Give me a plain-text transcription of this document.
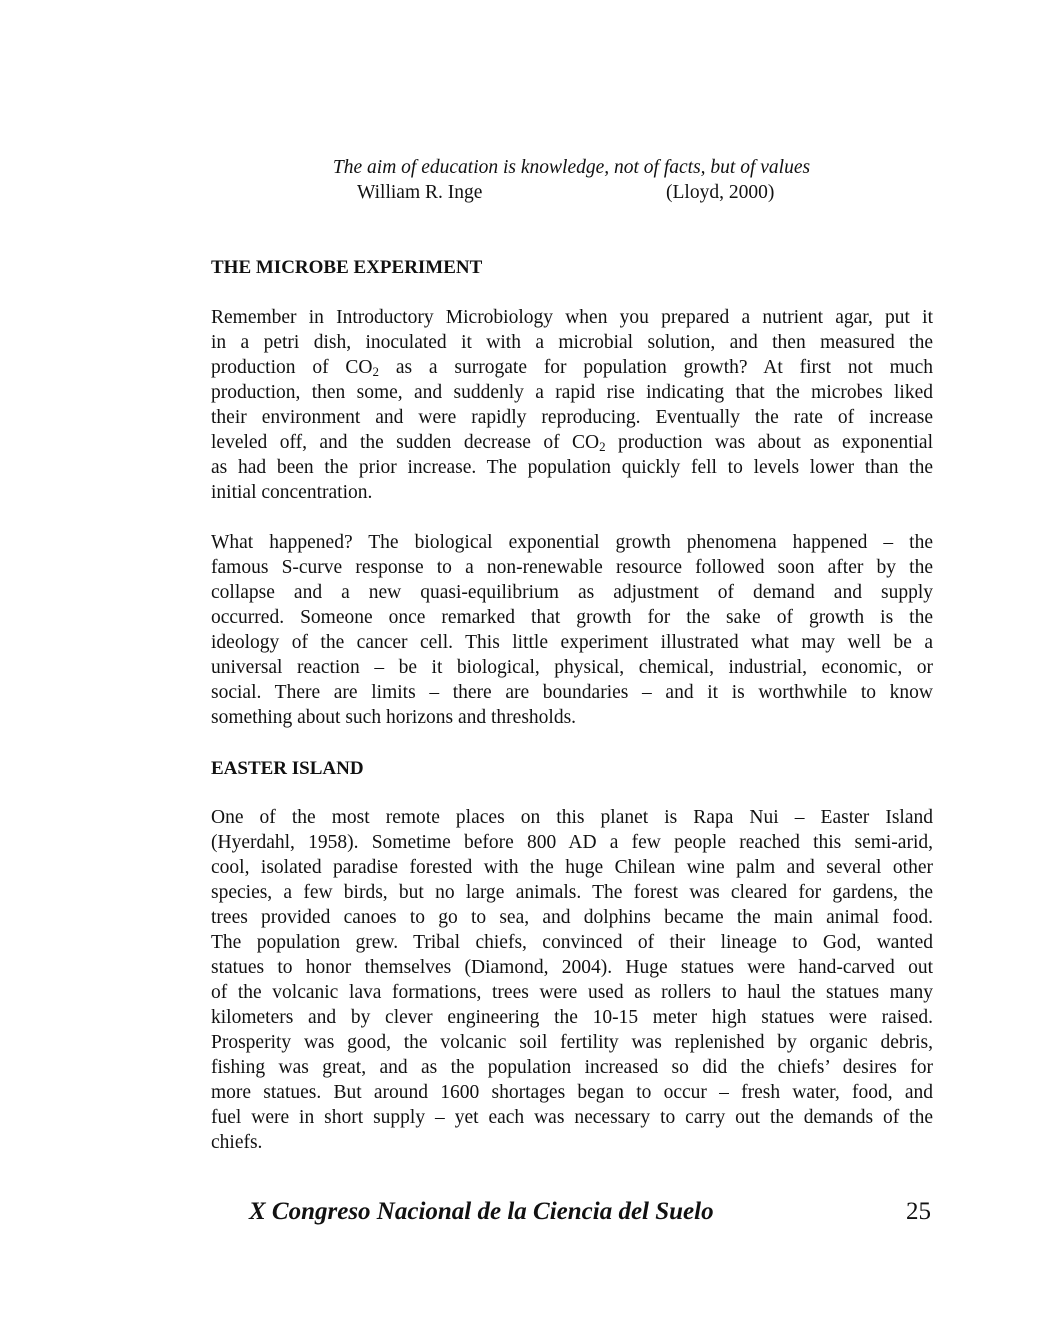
The aim of education is knowledge, not of facts, but of values
William R. Inge	(Lloyd, 2000)
THE MICROBE EXPERIMENT
Remember in Introductory Microbiology when you prepared a nutrient agar, put it
in a petri dish, inoculated it with a microbial solution, and then measured the
production of $CO_2$ as a surrogate for population growth? At first not much
production, then some, and suddenly a rapid rise indicating that the microbes liked
their environment and were rapidly reproducing. Eventually the rate of increase
leveled off, and the sudden decrease of $CO_2$ production was about as exponential
as had been the prior increase. The population quickly fell to levels lower than the
initial concentration.
What happened? The biological exponential growth phenomena happened – the
famous S-curve response to a non-renewable resource followed soon after by the
collapse and a new quasi-equilibrium as adjustment of demand and supply
occurred. Someone once remarked that growth for the sake of growth is the
ideology of the cancer cell. This little experiment illustrated what may well be a
universal reaction – be it biological, physical, chemical, industrial, economic, or
social. There are limits – there are boundaries – and it is worthwhile to know
something about such horizons and thresholds.
EASTER ISLAND
One of the most remote places on this planet is Rapa Nui – Easter Island
(Hyerdahl, 1958). Sometime before 800 AD a few people reached this semi-arid,
cool, isolated paradise forested with the huge Chilean wine palm and several other
species, a few birds, but no large animals. The forest was cleared for gardens, the
trees provided canoes to go to sea, and dolphins became the main animal food.
The population grew. Tribal chiefs, convinced of their lineage to God, wanted
statues to honor themselves (Diamond, 2004). Huge statues were hand-carved out
of the volcanic lava formations, trees were used as rollers to haul the statues many
kilometers and by clever engineering the 10-15 meter high statues were raised.
Prosperity was good, the volcanic soil fertility was replenished by organic debris,
fishing was great, and as the population increased so did the chiefs’ desires for
more statues. But around 1600 shortages began to occur – fresh water, food, and
fuel were in short supply – yet each was necessary to carry out the demands of the
chiefs.
X Congreso Nacional de la Ciencia del Suelo	25
